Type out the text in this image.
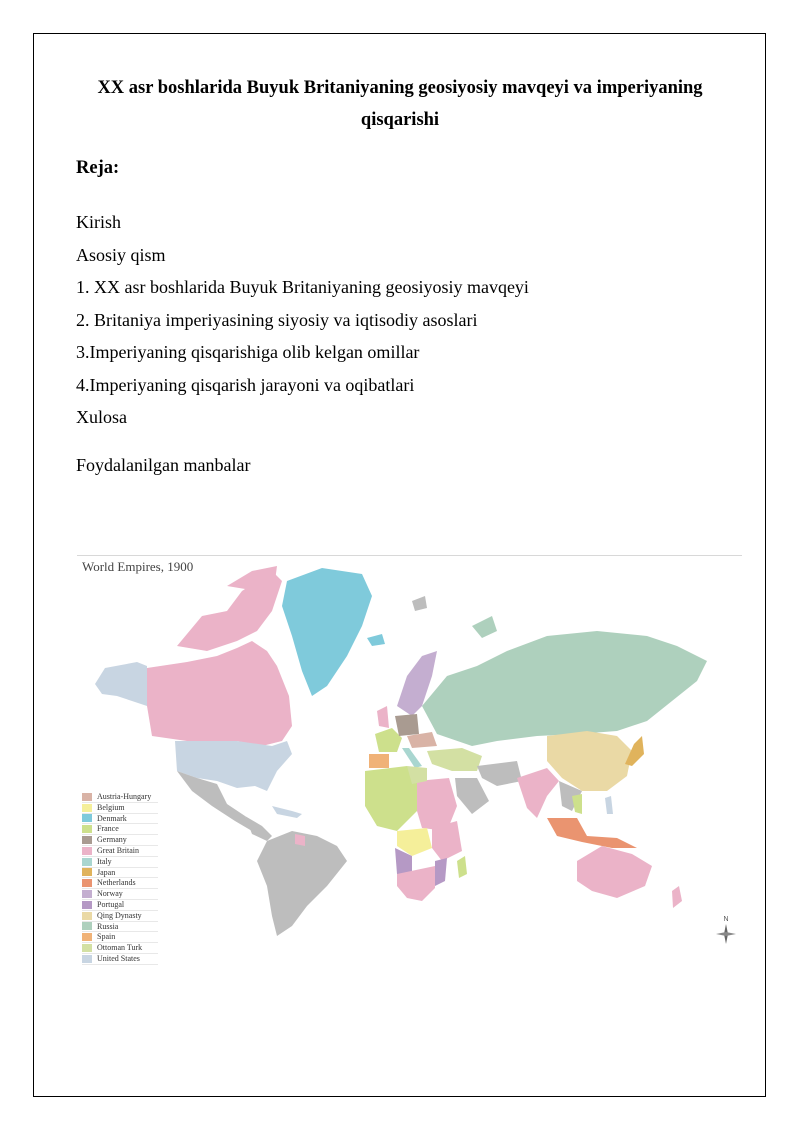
XX asr boshlarida Buyuk Britaniyaning geosiyosiy mavqeyi va imperiyaning qisqarishi
Reja:
Kirish
Asosiy qism
1. XX asr boshlarida Buyuk Britaniyaning geosiyosiy mavqeyi
2. Britaniya imperiyasining siyosiy va iqtisodiy asoslari
3.Imperiyaning qisqarishiga olib kelgan omillar
4.Imperiyaning qisqarish jarayoni va oqibatlari
Xulosa
Foydalanilgan manbalar
World Empires, 1900
Austria-Hungary
Belgium
Denmark
France
Germany
Great Britain
Italy
Japan
Netherlands
Norway
Portugal
Qing Dynasty
Russia
Spain
Ottoman Turk
United States
N
